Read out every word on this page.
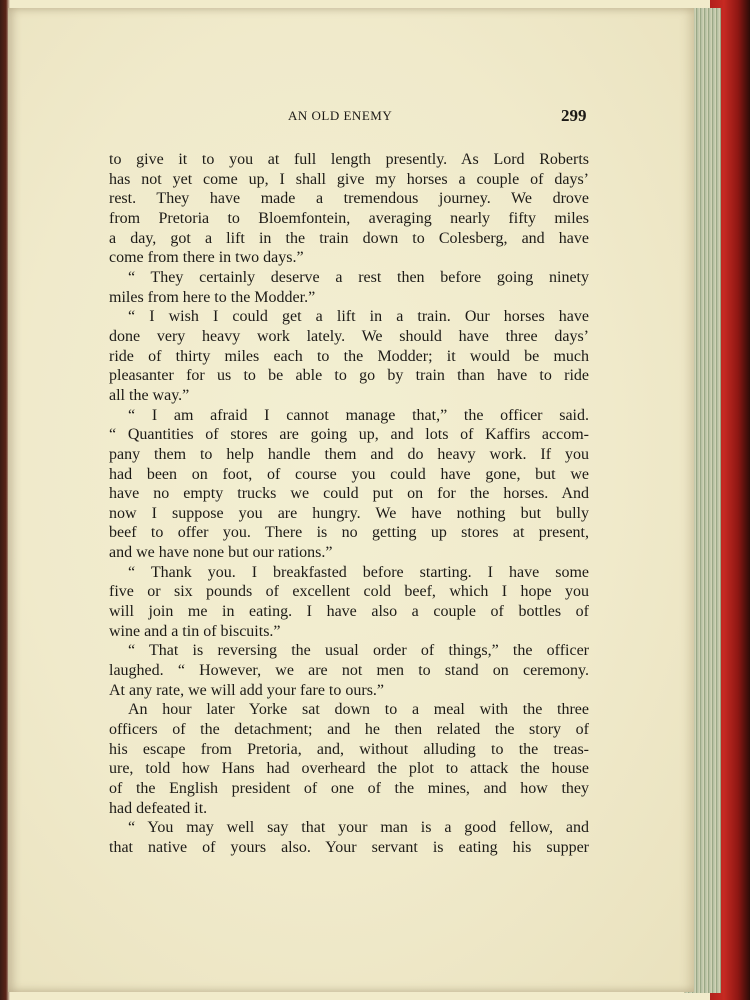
AN OLD ENEMY	299
to give it to you at full length presently. As Lord Roberts
has not yet come up, I shall give my horses a couple of days’
rest. They have made a tremendous journey. We drove
from Pretoria to Bloemfontein, averaging nearly fifty miles
a day, got a lift in the train down to Colesberg, and have
come from there in two days.”
“ They certainly deserve a rest then before going ninety
miles from here to the Modder.”
“ I wish I could get a lift in a train. Our horses have
done very heavy work lately. We should have three days’
ride of thirty miles each to the Modder; it would be much
pleasanter for us to be able to go by train than have to ride
all the way.”
“ I am afraid I cannot manage that,” the officer said.
“ Quantities of stores are going up, and lots of Kaffirs accom-
pany them to help handle them and do heavy work. If you
had been on foot, of course you could have gone, but we
have no empty trucks we could put on for the horses. And
now I suppose you are hungry. We have nothing but bully
beef to offer you. There is no getting up stores at present,
and we have none but our rations.”
“ Thank you. I breakfasted before starting. I have some
five or six pounds of excellent cold beef, which I hope you
will join me in eating. I have also a couple of bottles of
wine and a tin of biscuits.”
“ That is reversing the usual order of things,” the officer
laughed. “ However, we are not men to stand on ceremony.
At any rate, we will add your fare to ours.”
An hour later Yorke sat down to a meal with the three
officers of the detachment; and he then related the story of
his escape from Pretoria, and, without alluding to the treas-
ure, told how Hans had overheard the plot to attack the house
of the English president of one of the mines, and how they
had defeated it.
“ You may well say that your man is a good fellow, and
that native of yours also. Your servant is eating his supper
